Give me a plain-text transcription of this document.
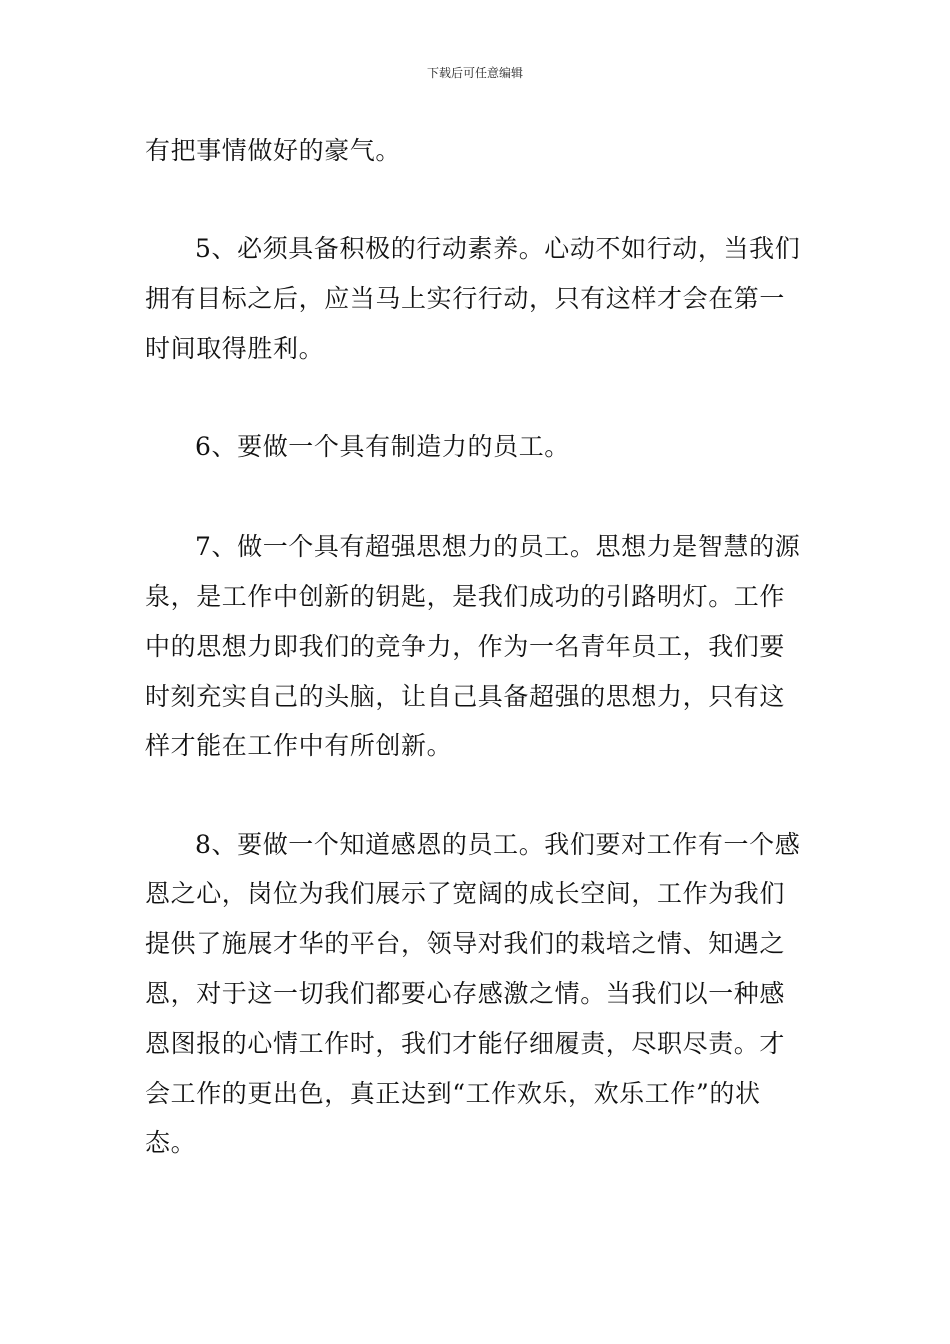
下载后可任意编辑
有把事情做好的豪气。
5、必须具备积极的行动素养。心动不如行动，当我们
拥有目标之后，应当马上实行行动，只有这样才会在第一
时间取得胜利。
6、要做一个具有制造力的员工。
7、做一个具有超强思想力的员工。思想力是智慧的源
泉，是工作中创新的钥匙，是我们成功的引路明灯。工作
中的思想力即我们的竞争力，作为一名青年员工，我们要
时刻充实自己的头脑，让自己具备超强的思想力，只有这
样才能在工作中有所创新。
8、要做一个知道感恩的员工。我们要对工作有一个感
恩之心，岗位为我们展示了宽阔的成长空间，工作为我们
提供了施展才华的平台，领导对我们的栽培之情、知遇之
恩，对于这一切我们都要心存感激之情。当我们以一种感
恩图报的心情工作时，我们才能仔细履责，尽职尽责。才
会工作的更出色，真正达到“工作欢乐，欢乐工作”的状
态。
